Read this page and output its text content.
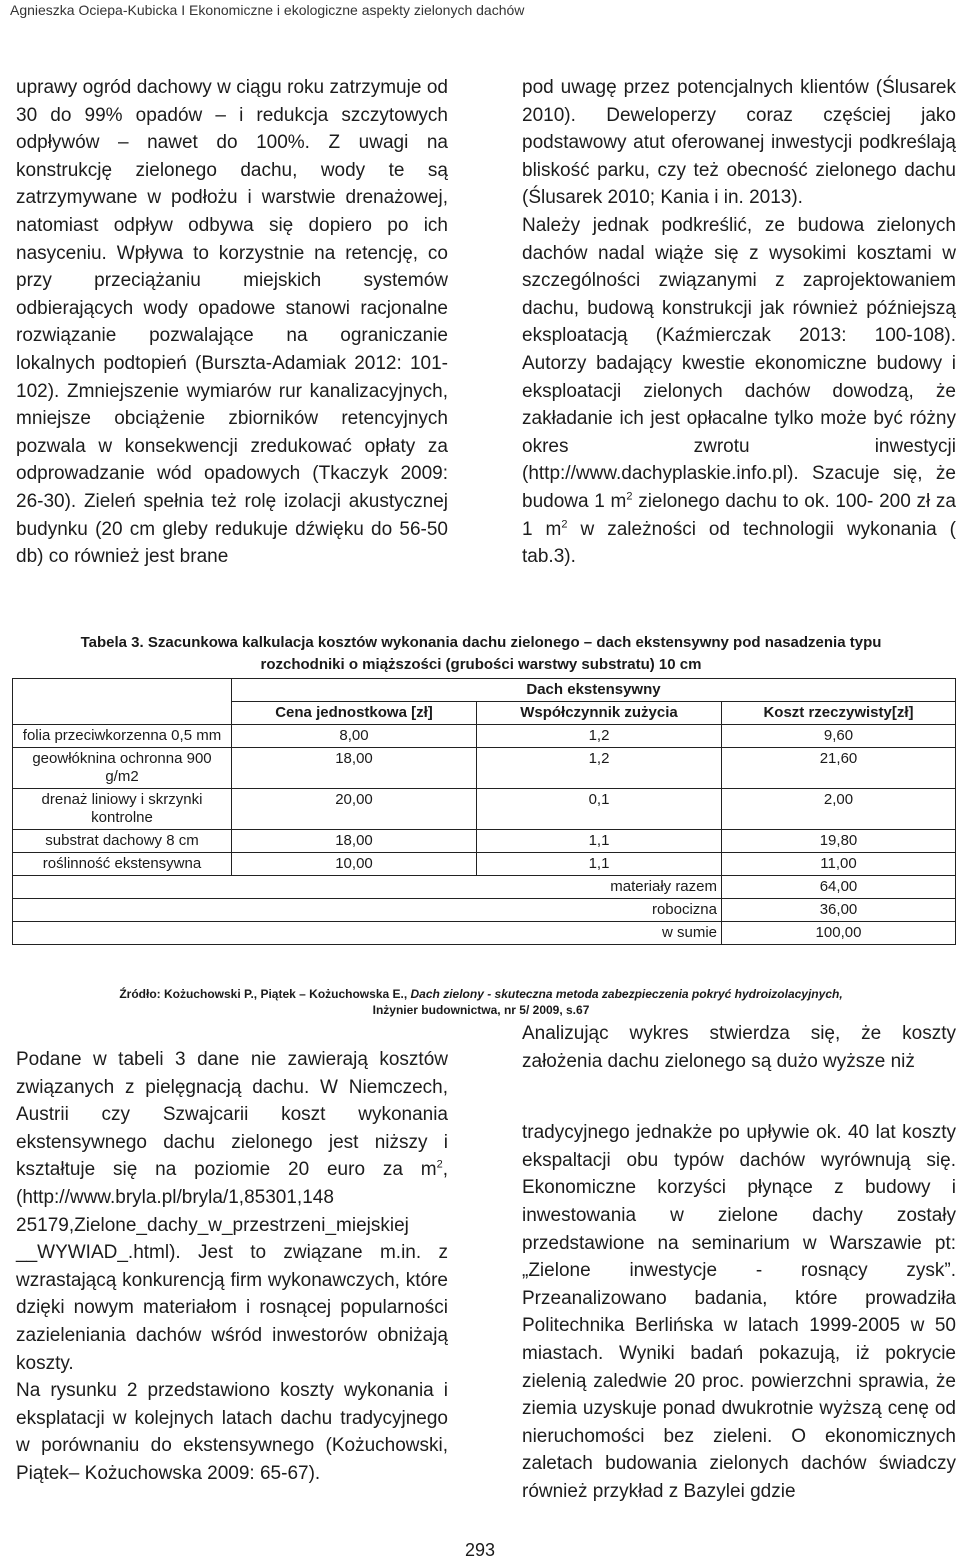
Agnieszka Ociepa-Kubicka I Ekonomiczne i ekologiczne aspekty zielonych dachów

uprawy ogród dachowy w ciągu roku zatrzymuje od 30 do 99% opadów – i redukcja szczytowych odpływów – nawet do 100%. Z uwagi na konstrukcję zielonego dachu, wody te są zatrzymywane w podłożu i warstwie drenażowej, natomiast odpływ odbywa się dopiero po ich nasyceniu. Wpływa to korzystnie na retencję, co przy przeciążaniu miejskich systemów odbierających wody opadowe stanowi racjonalne rozwiązanie pozwalające na ograniczanie lokalnych podtopień (Burszta-Adamiak 2012: 101-102). Zmniejszenie wymiarów rur kanalizacyjnych, mniejsze obciążenie zbiorników retencyjnych pozwala w konsekwencji zredukować opłaty za odprowadzanie wód opadowych (Tkaczyk 2009: 26-30). Zieleń spełnia też rolę izolacji akustycznej budynku (20 cm gleby redukuje dźwięku do 56-50 db) co również jest brane

pod uwagę przez potencjalnych klientów (Ślusarek 2010). Deweloperzy coraz częściej jako podstawowy atut oferowanej inwestycji podkreślają bliskość parku, czy też obecność zielonego dachu (Ślusarek 2010; Kania i in. 2013).

Należy jednak podkreślić, ze budowa zielonych dachów nadal wiąże się z wysokimi kosztami w szczególności związanymi z zaprojektowaniem dachu, budową konstrukcji jak również późniejszą eksploatacją (Kaźmierczak 2013: 100-108). Autorzy badający kwestie ekonomiczne budowy i eksploatacji zielonych dachów dowodzą, że zakładanie ich jest opłacalne tylko może być różny okres zwrotu inwestycji (http://www.dachyplaskie.info.pl). Szacuje się, że budowa 1 $m^2$ zielonego dachu to ok. 100- 200 zł za 1 $m^2$ w zależności od technologii wykonania ( tab.3).

Tabela 3. Szacunkowa kalkulacja kosztów wykonania dachu zielonego – dach ekstensywny pod nasadzenia typu
rozchodniki o miąższości (grubości warstwy substratu) 10 cm
	Dach ekstensywny		
	Cena jednostkowa [zł]	Współczynnik zużycia	Koszt rzeczywisty[zł]
folia przeciwkorzenna 0,5 mm	8,00	1,2	9,60
geowłóknina ochronna 900 g/m2	18,00	1,2	21,60
drenaż liniowy i skrzynki kontrolne	20,00	0,1	2,00
substrat dachowy 8 cm	18,00	1,1	19,80
roślinność ekstensywna	10,00	1,1	11,00
materiały razem			64,00
robocizna			36,00
w sumie			100,00
Źródło: Kożuchowski P., Piątek – Kożuchowska E., Dach zielony - skuteczna metoda zabezpieczenia pokryć hydroizolacyjnych,
Inżynier budownictwa, nr 5/ 2009, s.67

Podane w tabeli 3 dane nie zawierają kosztów związanych z pielęgnacją dachu. W Niemczech, Austrii czy Szwajcarii koszt wykonania ekstensywnego dachu zielonego jest niższy i kształtuje się na poziomie 20 euro za $m^2,(http://www.bryla.pl/bryla/1,85301,148$ 25179,Zielone_dachy_w_przestrzeni_miejskiej __WYWIAD_.html). Jest to związane m.in. z wzrastającą konkurencją firm wykonawczych, które dzięki nowym materiałom i rosnącej popularności zazieleniania dachów wśród inwestorów obniżają koszty.

Na rysunku 2 przedstawiono koszty wykonania i eksplatacji w kolejnych latach dachu tradycyjnego w porównaniu do ekstensywnego (Kożuchowski, Piątek– Kożuchowska 2009: 65-67).

Analizując wykres stwierdza się, że koszty założenia dachu zielonego są dużo wyższe niż

tradycyjnego jednakże po upływie ok. 40 lat koszty ekspaltacji obu typów dachów wyrównują się. Ekonomiczne korzyści płynące z budowy i inwestowania w zielone dachy zostały przedstawione na seminarium w Warszawie pt: „Zielone inwestycje - rosnący zysk”. Przeanalizowano badania, które prowadziła Politechnika Berlińska w latach 1999-2005 w 50 miastach. Wyniki badań pokazują, iż pokrycie zielenią zaledwie 20 proc. powierzchni sprawia, że ziemia uzyskuje ponad dwukrotnie wyższą cenę od nieruchomości bez zieleni. O ekonomicznych zaletach budowania zielonych dachów świadczy również przykład z Bazylei gdzie

293
